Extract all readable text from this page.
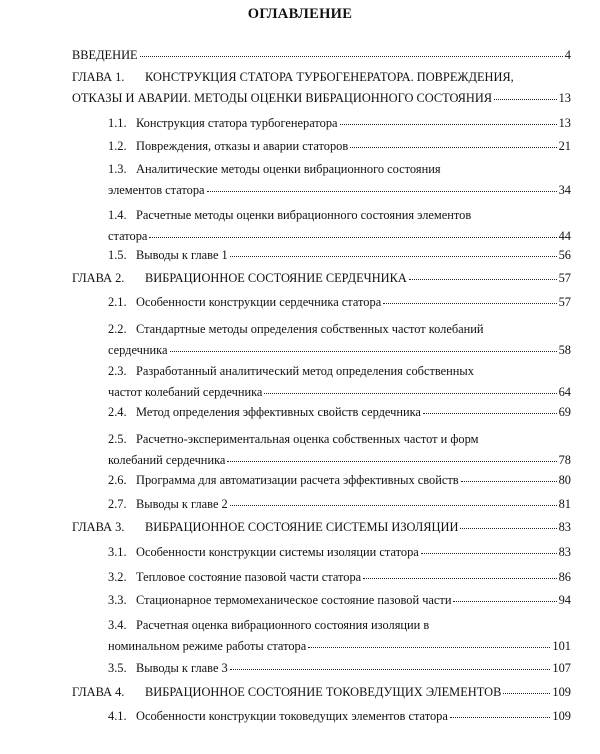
ОГЛАВЛЕНИЕ
ВВЕДЕНИЕ	4
ГЛАВА 1.	КОНСТРУКЦИЯ СТАТОРА ТУРБОГЕНЕРАТОРА. ПОВРЕЖДЕНИЯ,
ОТКАЗЫ И АВАРИИ. МЕТОДЫ ОЦЕНКИ ВИБРАЦИОННОГО СОСТОЯНИЯ	13
1.1. Конструкция статора турбогенератора	13
1.2. Повреждения, отказы и аварии статоров	21
1.3. Аналитические методы оценки вибрационного состояния
элементов статора	34
1.4. Расчетные методы оценки вибрационного состояния элементов
статора	44
1.5. Выводы к главе 1	56
ГЛАВА 2.	ВИБРАЦИОННОЕ СОСТОЯНИЕ СЕРДЕЧНИКА	57
2.1. Особенности конструкции сердечника статора	57
2.2. Стандартные методы определения собственных частот колебаний
сердечника	58
2.3. Разработанный аналитический метод определения собственных
частот колебаний сердечника	64
2.4. Метод определения эффективных свойств сердечника	69
2.5. Расчетно-экспериментальная оценка собственных частот и форм
колебаний сердечника	78
2.6. Программа для автоматизации расчета эффективных свойств	80
2.7. Выводы к главе 2	81
ГЛАВА 3.	ВИБРАЦИОННОЕ СОСТОЯНИЕ СИСТЕМЫ ИЗОЛЯЦИИ	83
3.1. Особенности конструкции системы изоляции статора	83
3.2. Тепловое состояние пазовой части статора	86
3.3. Стационарное термомеханическое состояние пазовой части	94
3.4. Расчетная оценка вибрационного состояния изоляции в
номинальном режиме работы статора	101
3.5. Выводы к главе 3	107
ГЛАВА 4.	ВИБРАЦИОННОЕ СОСТОЯНИЕ ТОКОВЕДУЩИХ ЭЛЕМЕНТОВ	109
4.1. Особенности конструкции токоведущих элементов статора	109
